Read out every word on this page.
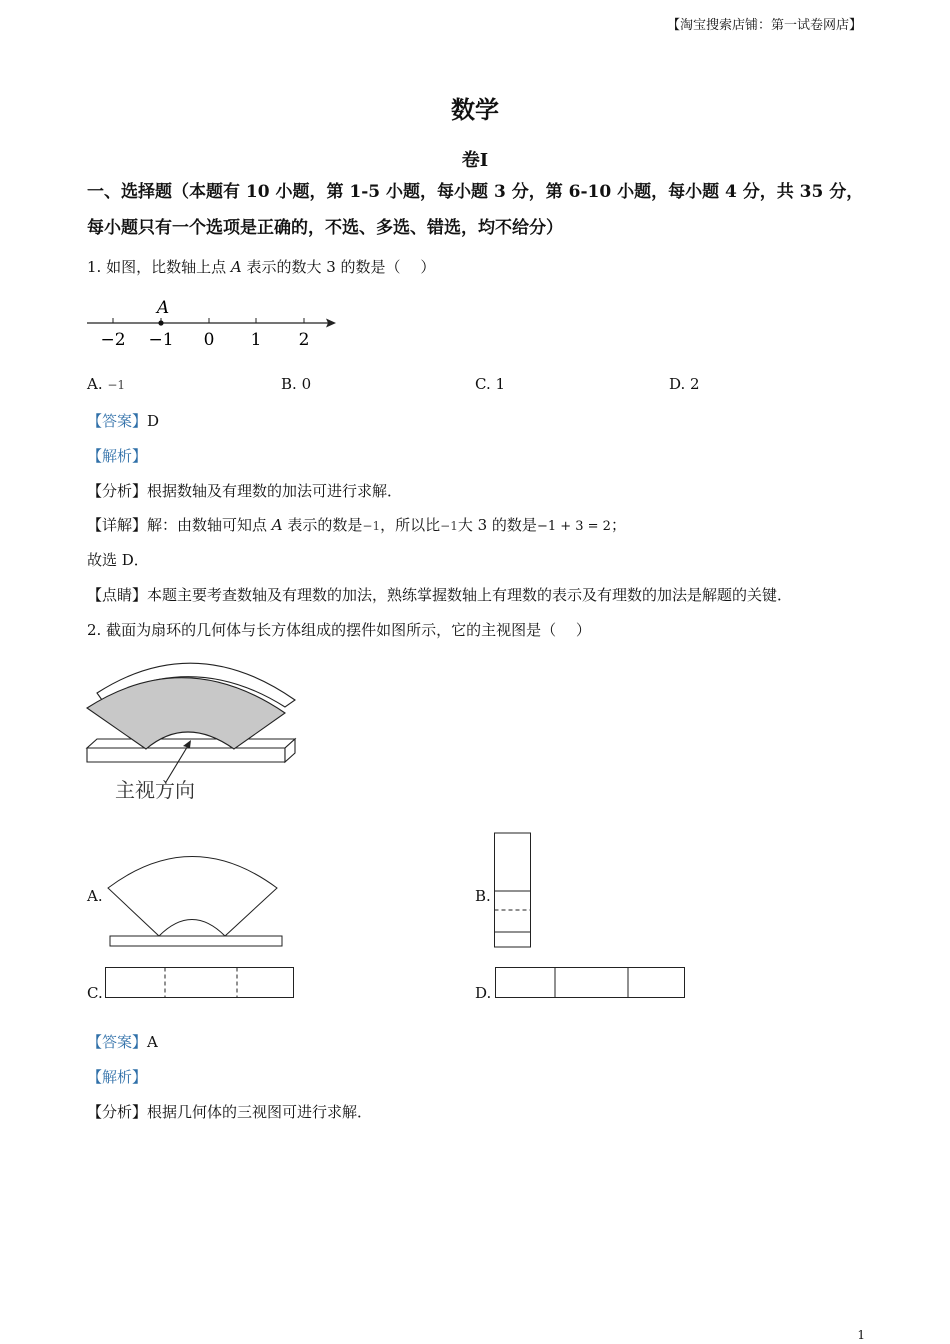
【淘宝搜索店铺：第一试卷网店】
数学
卷Ⅰ
一、选择题（本题有 10 小题，第 1-5 小题，每小题 3 分，第 6-10 小题，每小题 4 分，共 35 分，
每小题只有一个选项是正确的，不选、多选、错选，均不给分）
1. 如图，比数轴上点 A 表示的数大 3 的数是（　 ）
A
−2 −1 0 1 2
A. −1	B. 0	C. 1	D. 2
【答案】D
【解析】
【分析】根据数轴及有理数的加法可进行求解．
【详解】解：由数轴可知点 A 表示的数是−1，所以比−1大 3 的数是−1 + 3 = 2；
故选 D．
【点睛】本题主要考查数轴及有理数的加法，熟练掌握数轴上有理数的表示及有理数的加法是解题的关键．
2. 截面为扇环的几何体与长方体组成的摆件如图所示，它的主视图是（　 ）
主视方向
A.	B.
C.	D.
【答案】A
【解析】
【分析】根据几何体的三视图可进行求解．
1
